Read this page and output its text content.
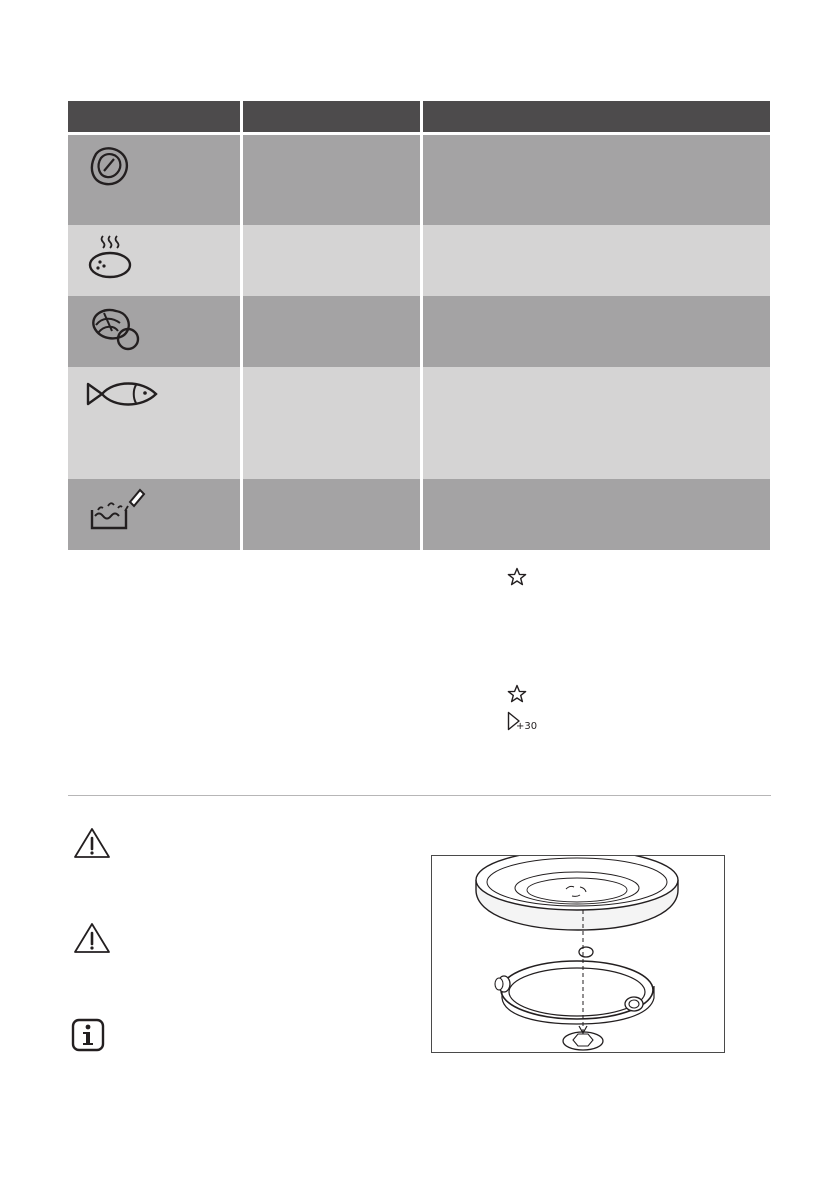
+30
